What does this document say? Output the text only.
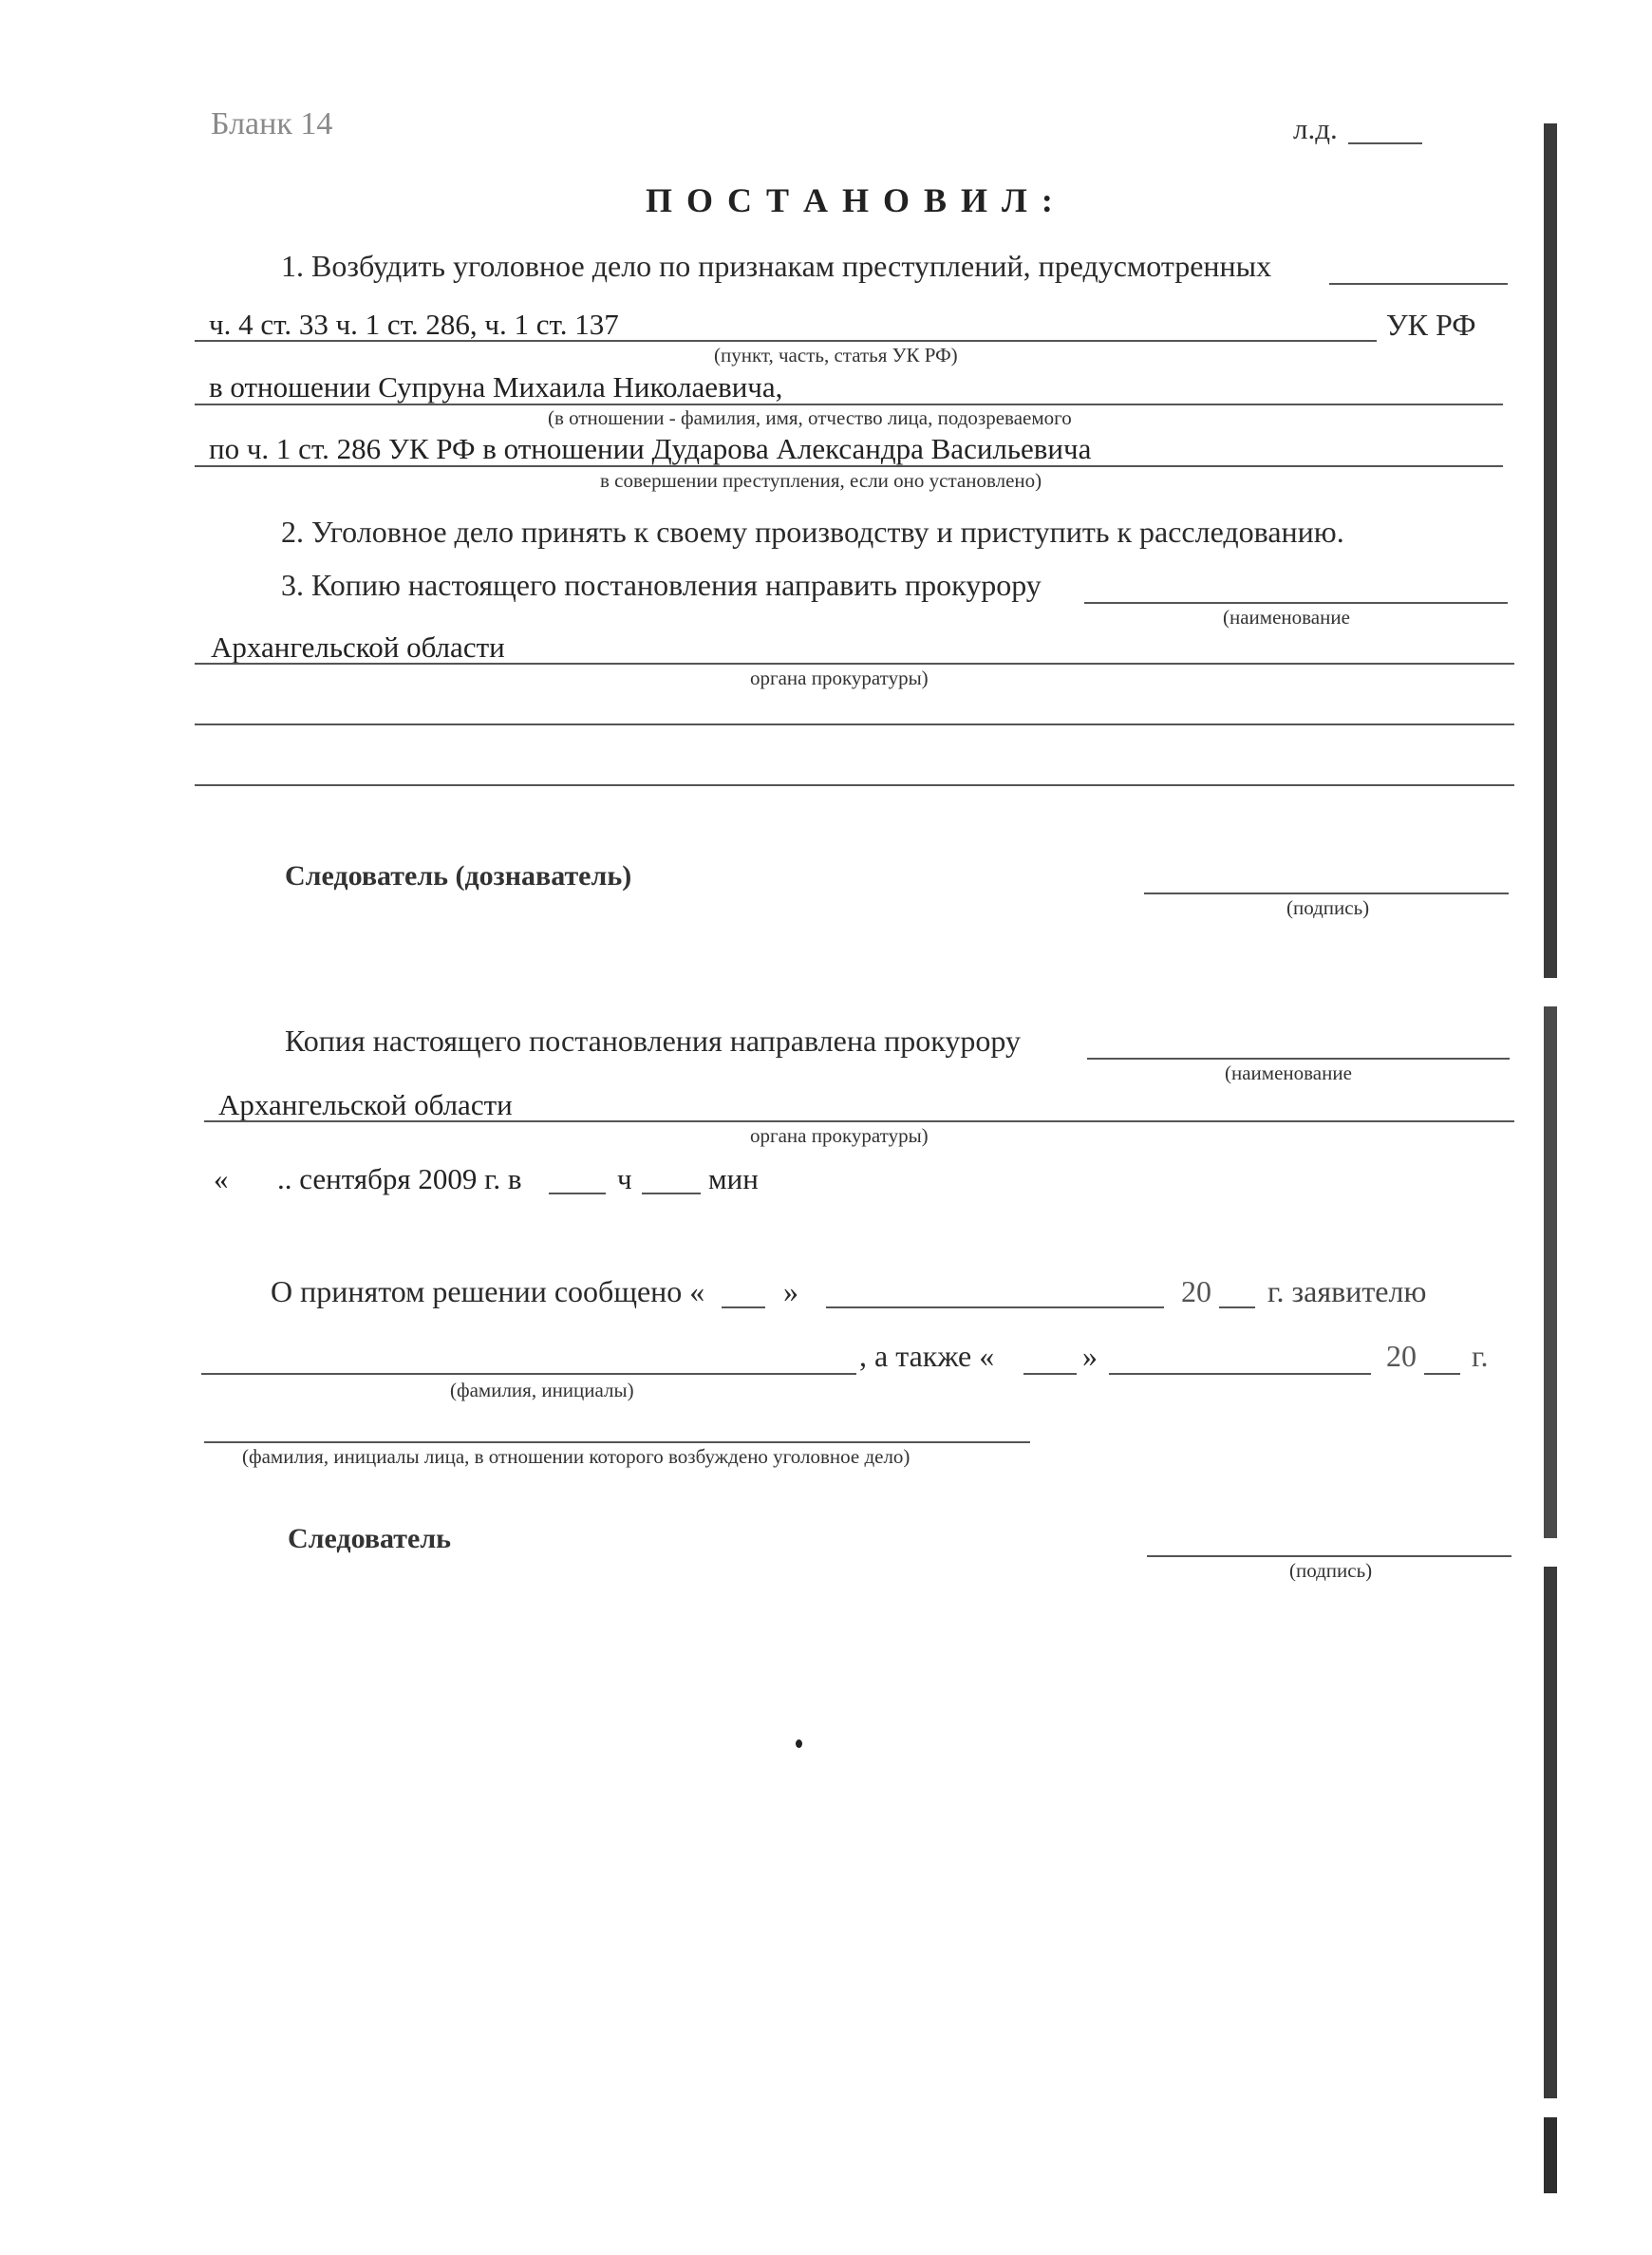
Бланк 14	л.д.
П О С Т А Н О В И Л :
1. Возбудить уголовное дело по признакам преступлений, предусмотренных
ч. 4 ст. 33 ч. 1 ст. 286, ч. 1 ст. 137	УК РФ
(пункт, часть, статья УК РФ)
в отношении Супруна Михаила Николаевича,
(в отношении - фамилия, имя, отчество лица, подозреваемого
по ч. 1 ст. 286 УК РФ в отношении Дударова Александра Васильевича
в совершении преступления, если оно установлено)
2. Уголовное дело принять к своему производству и приступить к расследованию.
3. Копию настоящего постановления направить прокурору
(наименование
Архангельской области
органа прокуратуры)
Следователь (дознаватель)
(подпись)
Копия настоящего постановления направлена прокурору
(наименование
Архангельской области
органа прокуратуры)
« .. сентября 2009 г. в	ч	мин
О принятом решении сообщено «	»	20 г. заявителю
, а также «	»	20 г.
(фамилия, инициалы)
(фамилия, инициалы лица, в отношении которого возбуждено уголовное дело)
Следователь
(подпись)
